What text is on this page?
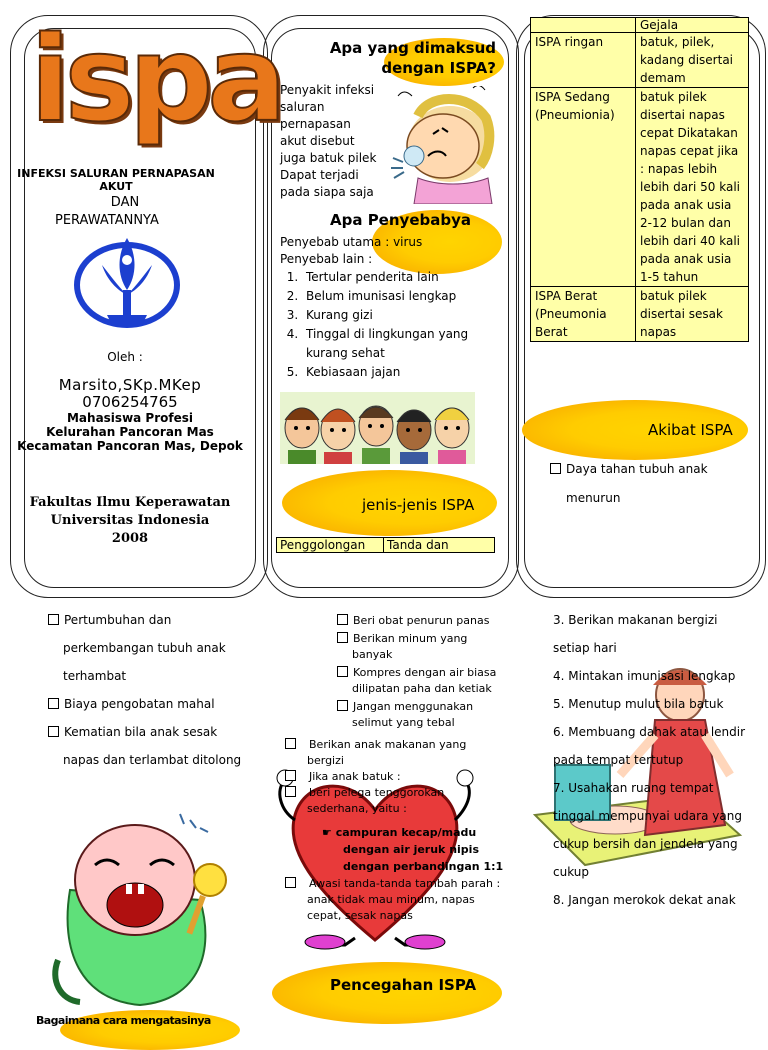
ispa
INFEKSI SALURAN PERNAPASAN
AKUT
DAN
PERAWATANNYA
Oleh :
Marsito,SKp.MKep
0706254765
Mahasiswa Profesi
Kelurahan Pancoran Mas
Kecamatan Pancoran Mas, Depok
Fakultas Ilmu Keperawatan
Universitas Indonesia
2008
Apa yang dimaksud
dengan ISPA?
Penyakit infeksi
saluran
pernapasan
akut disebut
juga batuk pilek
Dapat terjadi
pada siapa saja
Apa Penyebabya
Penyebab utama : virus
Penyebab lain :
1. Tertular penderita lain
2. Belum imunisasi lengkap
3. Kurang gizi
4. Tinggal di lingkungan yang kurang sehat
5. Kebiasaan jajan
jenis-jenis ISPA
Penggolongan	Tanda dan
	Gejala
ISPA ringan	batuk, pilek, kadang disertai demam
ISPA Sedang (Pneumionia)	batuk pilek disertai napas cepat Dikatakan napas cepat jika : napas lebih lebih dari 50 kali pada anak usia 2-12 bulan dan lebih dari 40 kali pada anak usia 1-5 tahun
ISPA Berat (Pneumonia Berat	batuk pilek disertai sesak napas
Akibat ISPA
Daya tahan tubuh anak
menurun
Pertumbuhan dan
perkembangan tubuh anak
terhambat
Biaya pengobatan mahal
Kematian bila anak sesak
napas dan terlambat ditolong
Bagaimana cara mengatasinya
Beri obat penurun panas
Berikan minum yang banyak
Kompres dengan air biasa dilipatan paha dan ketiak
Jangan menggunakan selimut yang tebal
Berikan anak makanan yang bergizi
Jika anak batuk :
beri pelega tenggorokan sederhana, yaitu :
☛ campuran kecap/madu
dengan air jeruk nipis
dengan perbandingan 1:1
Awasi tanda-tanda tambah parah : anak tidak mau minum, napas cepat, sesak napas
Pencegahan ISPA
3. Berikan makanan bergizi
setiap hari
4. Mintakan imunisasi lengkap
5. Menutup mulut bila batuk
6. Membuang dahak atau lendir
pada tempat tertutup
7. Usahakan ruang tempat
tinggal mempunyai udara yang
cukup bersih dan jendela yang
cukup
8. Jangan merokok dekat anak
